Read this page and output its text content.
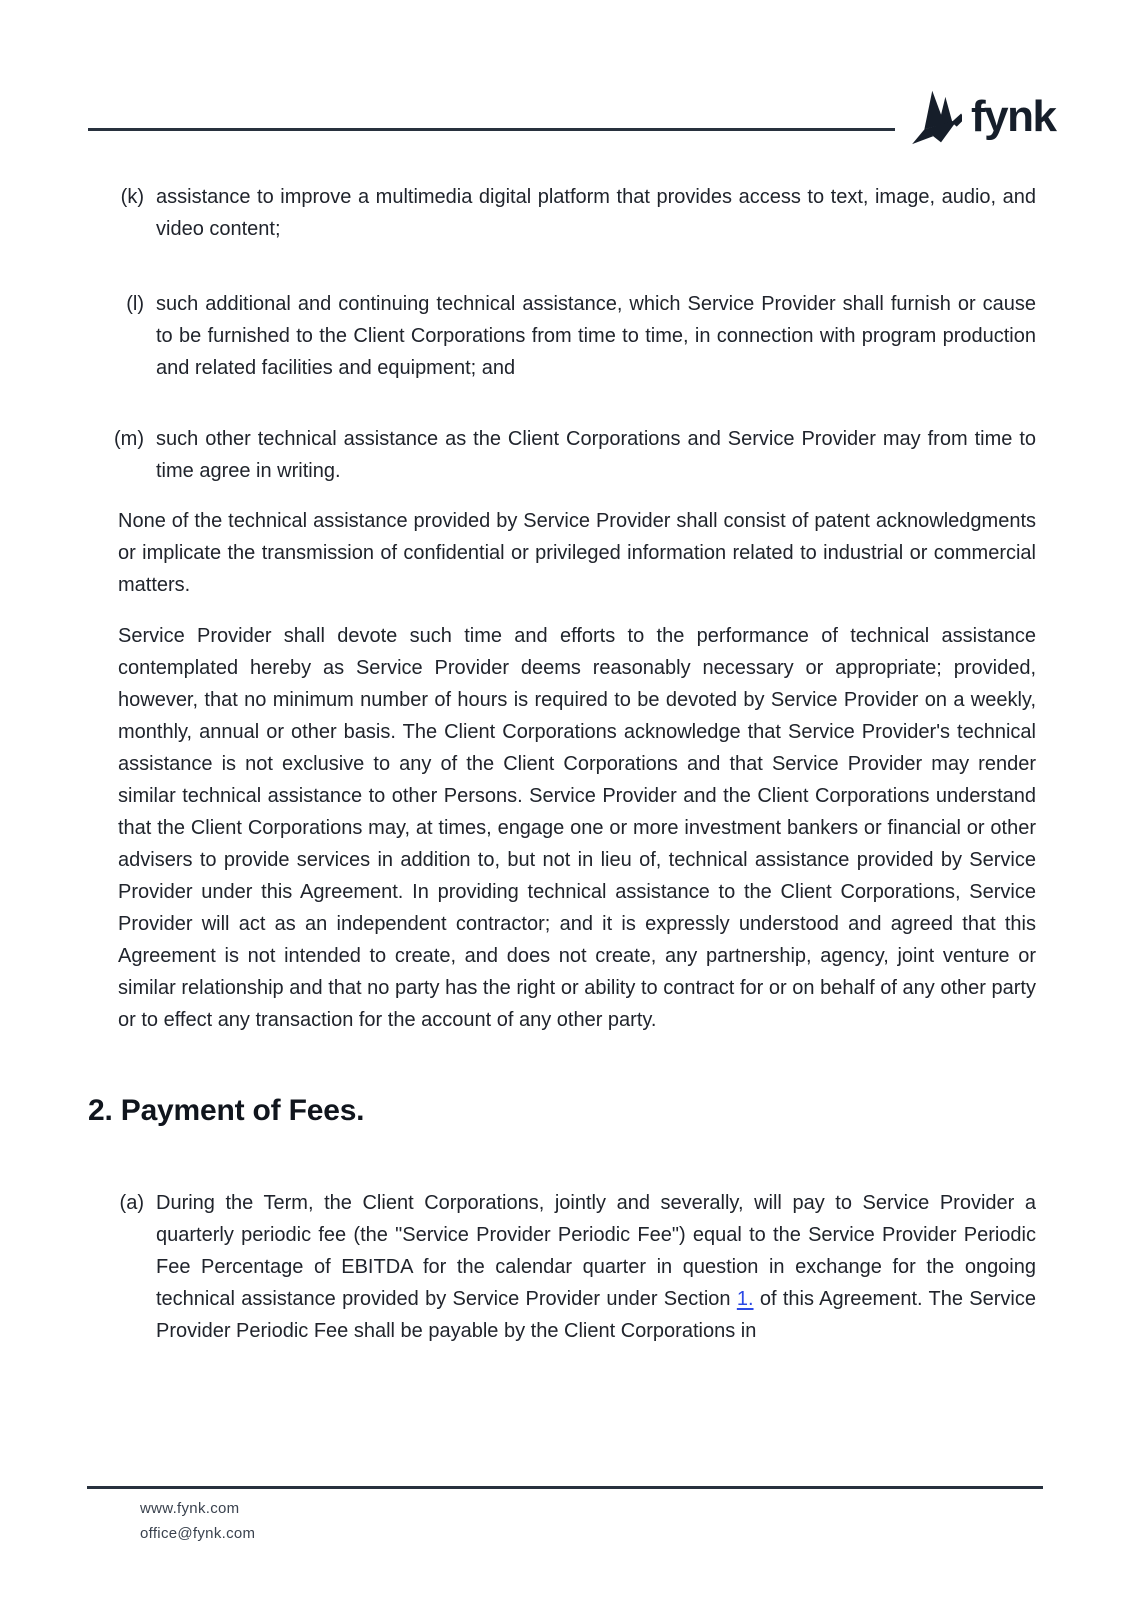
fynk
(k) assistance to improve a multimedia digital platform that provides access to text, image, audio, and video content;

(l) such additional and continuing technical assistance, which Service Provider shall furnish or cause to be furnished to the Client Corporations from time to time, in connection with program production and related facilities and equipment; and

(m) such other technical assistance as the Client Corporations and Service Provider may from time to time agree in writing.

None of the technical assistance provided by Service Provider shall consist of patent acknowledgments or implicate the transmission of confidential or privileged information related to industrial or commercial matters.

Service Provider shall devote such time and efforts to the performance of technical assistance contemplated hereby as Service Provider deems reasonably necessary or appropriate; provided, however, that no minimum number of hours is required to be devoted by Service Provider on a weekly, monthly, annual or other basis. The Client Corporations acknowledge that Service Provider's technical assistance is not exclusive to any of the Client Corporations and that Service Provider may render similar technical assistance to other Persons. Service Provider and the Client Corporations understand that the Client Corporations may, at times, engage one or more investment bankers or financial or other advisers to provide services in addition to, but not in lieu of, technical assistance provided by Service Provider under this Agreement. In providing technical assistance to the Client Corporations, Service Provider will act as an independent contractor; and it is expressly understood and agreed that this Agreement is not intended to create, and does not create, any partnership, agency, joint venture or similar relationship and that no party has the right or ability to contract for or on behalf of any other party or to effect any transaction for the account of any other party.

2. Payment of Fees.
(a) During the Term, the Client Corporations, jointly and severally, will pay to Service Provider a quarterly periodic fee (the "Service Provider Periodic Fee") equal to the Service Provider Periodic Fee Percentage of EBITDA for the calendar quarter in question in exchange for the ongoing technical assistance provided by Service Provider under Section 1. of this Agreement. The Service Provider Periodic Fee shall be payable by the Client Corporations in

www.fynk.com
office@fynk.com
